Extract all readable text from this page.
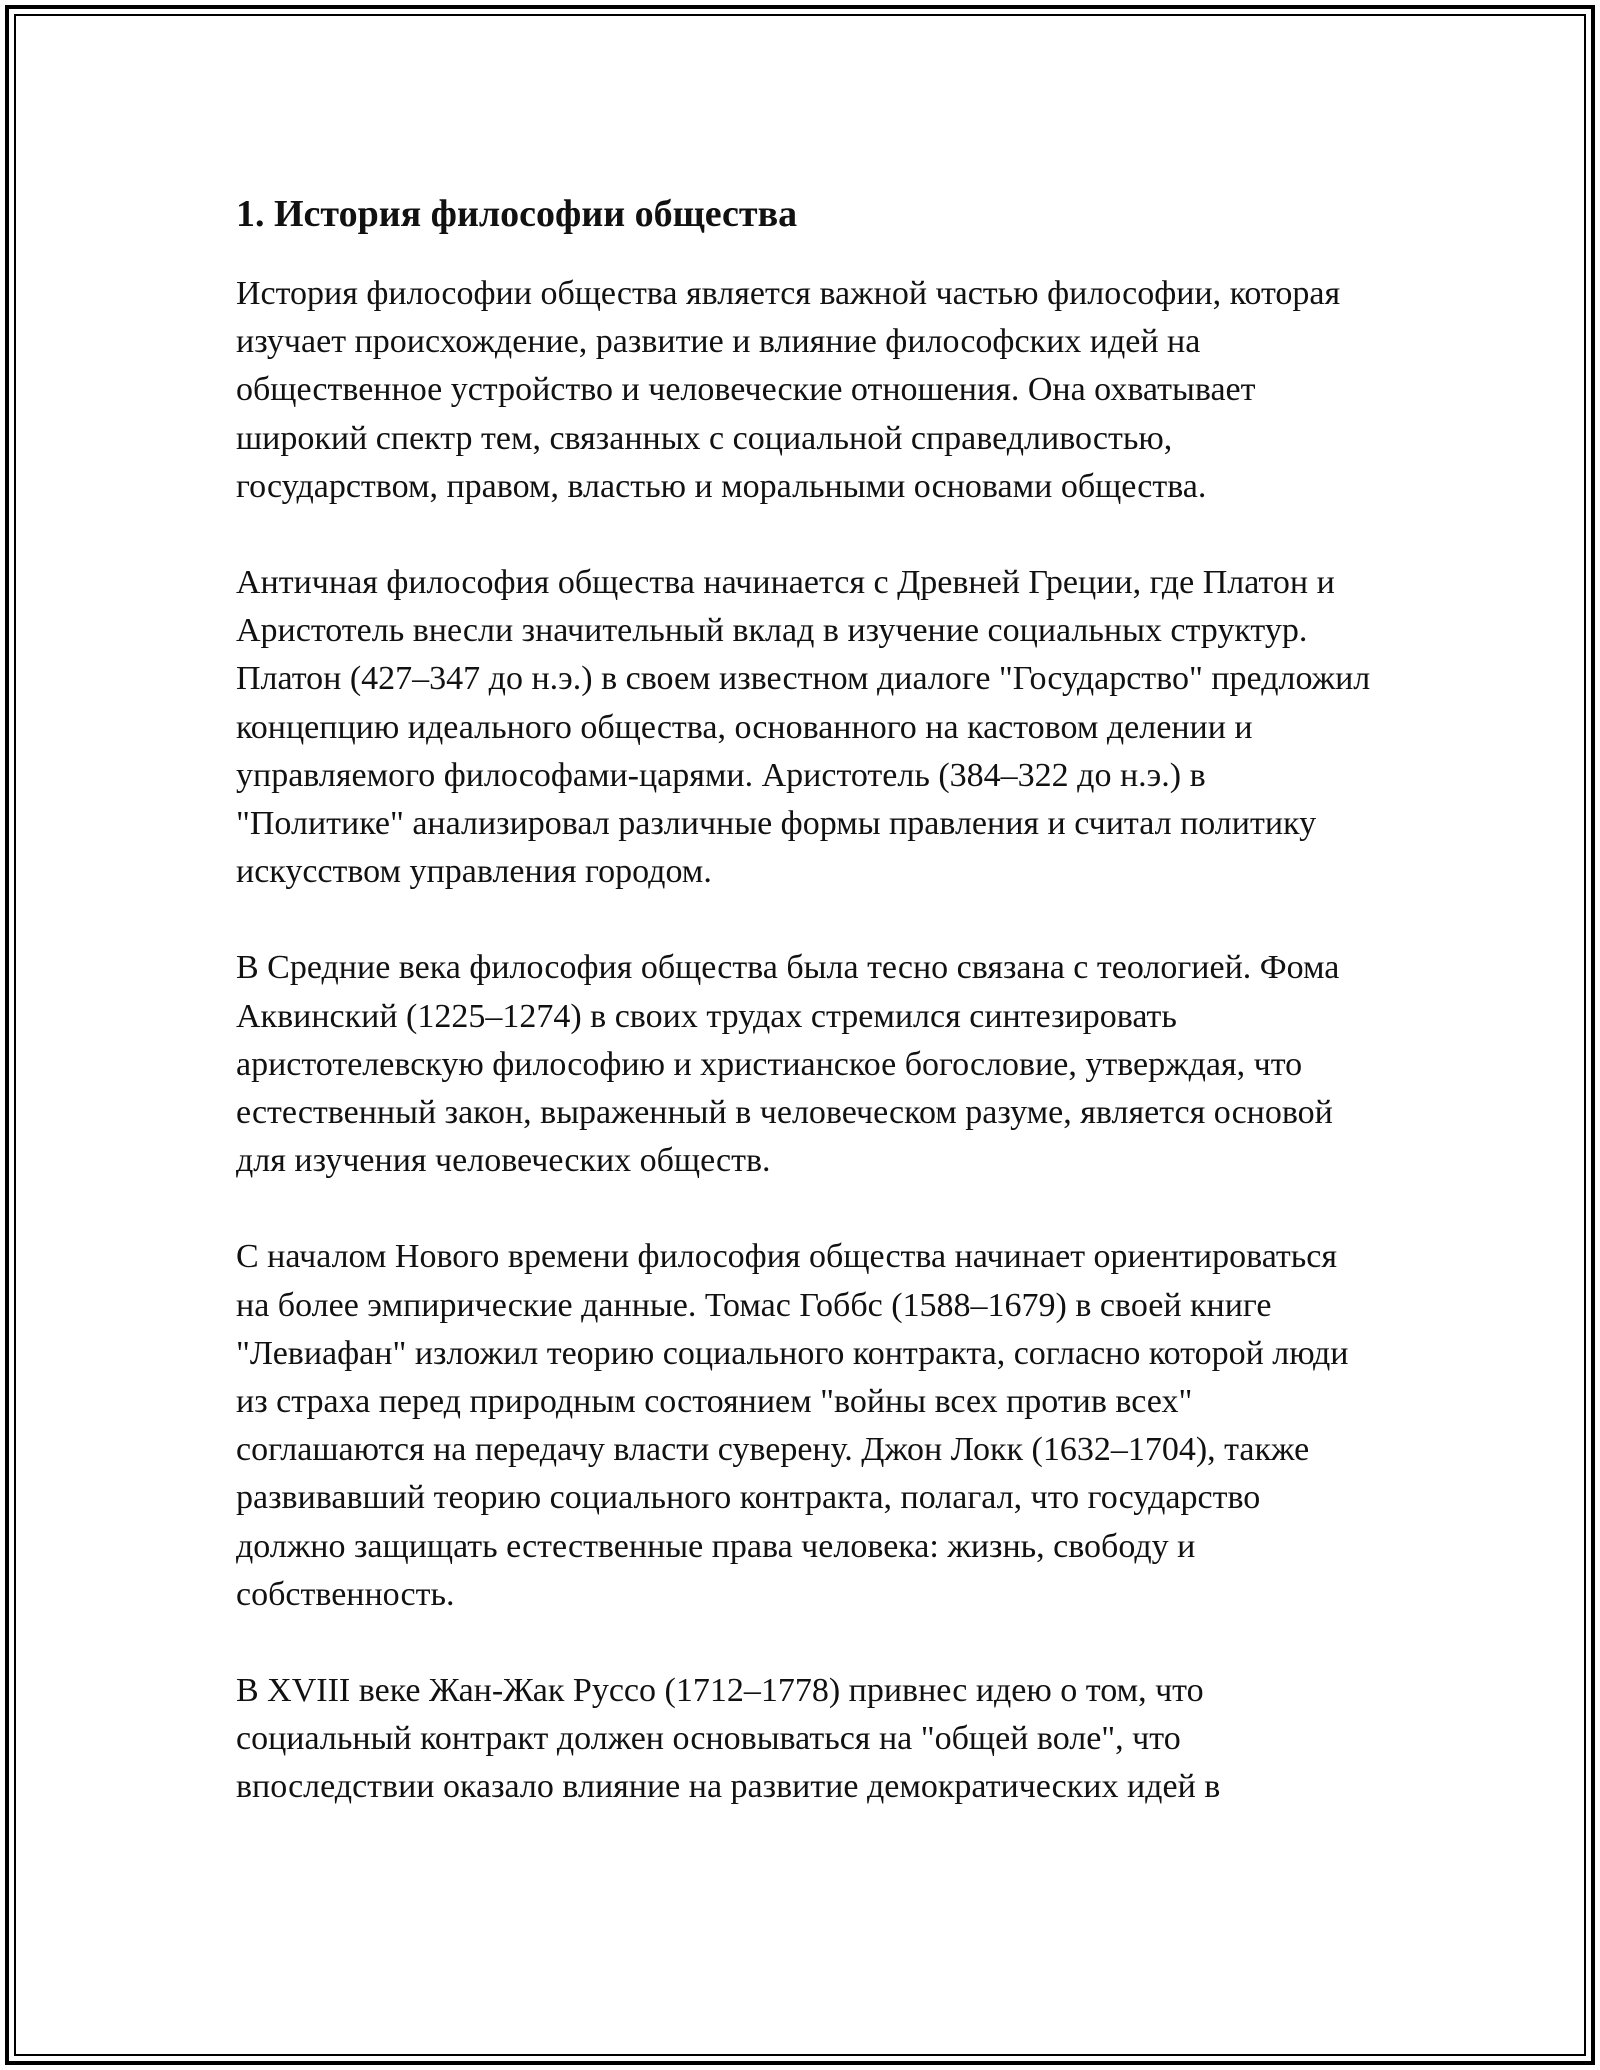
1. История философии общества

История философии общества является важной частью философии, которая изучает происхождение, развитие и влияние философских идей на общественное устройство и человеческие отношения. Она охватывает широкий спектр тем, связанных с социальной справедливостью, государством, правом, властью и моральными основами общества.

Античная философия общества начинается с Древней Греции, где Платон и Аристотель внесли значительный вклад в изучение социальных структур. Платон (427–347 до н.э.) в своем известном диалоге "Государство" предложил концепцию идеального общества, основанного на кастовом делении и управляемого философами-царями. Аристотель (384–322 до н.э.) в "Политике" анализировал различные формы правления и считал политику искусством управления городом.

В Средние века философия общества была тесно связана с теологией. Фома Аквинский (1225–1274) в своих трудах стремился синтезировать аристотелевскую философию и христианское богословие, утверждая, что естественный закон, выраженный в человеческом разуме, является основой для изучения человеческих обществ.

С началом Нового времени философия общества начинает ориентироваться на более эмпирические данные. Томас Гоббс (1588–1679) в своей книге "Левиафан" изложил теорию социального контракта, согласно которой люди из страха перед природным состоянием "войны всех против всех" соглашаются на передачу власти суверену. Джон Локк (1632–1704), также развивавший теорию социального контракта, полагал, что государство должно защищать естественные права человека: жизнь, свободу и собственность.

В XVIII веке Жан-Жак Руссо (1712–1778) привнес идею о том, что социальный контракт должен основываться на "общей воле", что впоследствии оказало влияние на развитие демократических идей в
